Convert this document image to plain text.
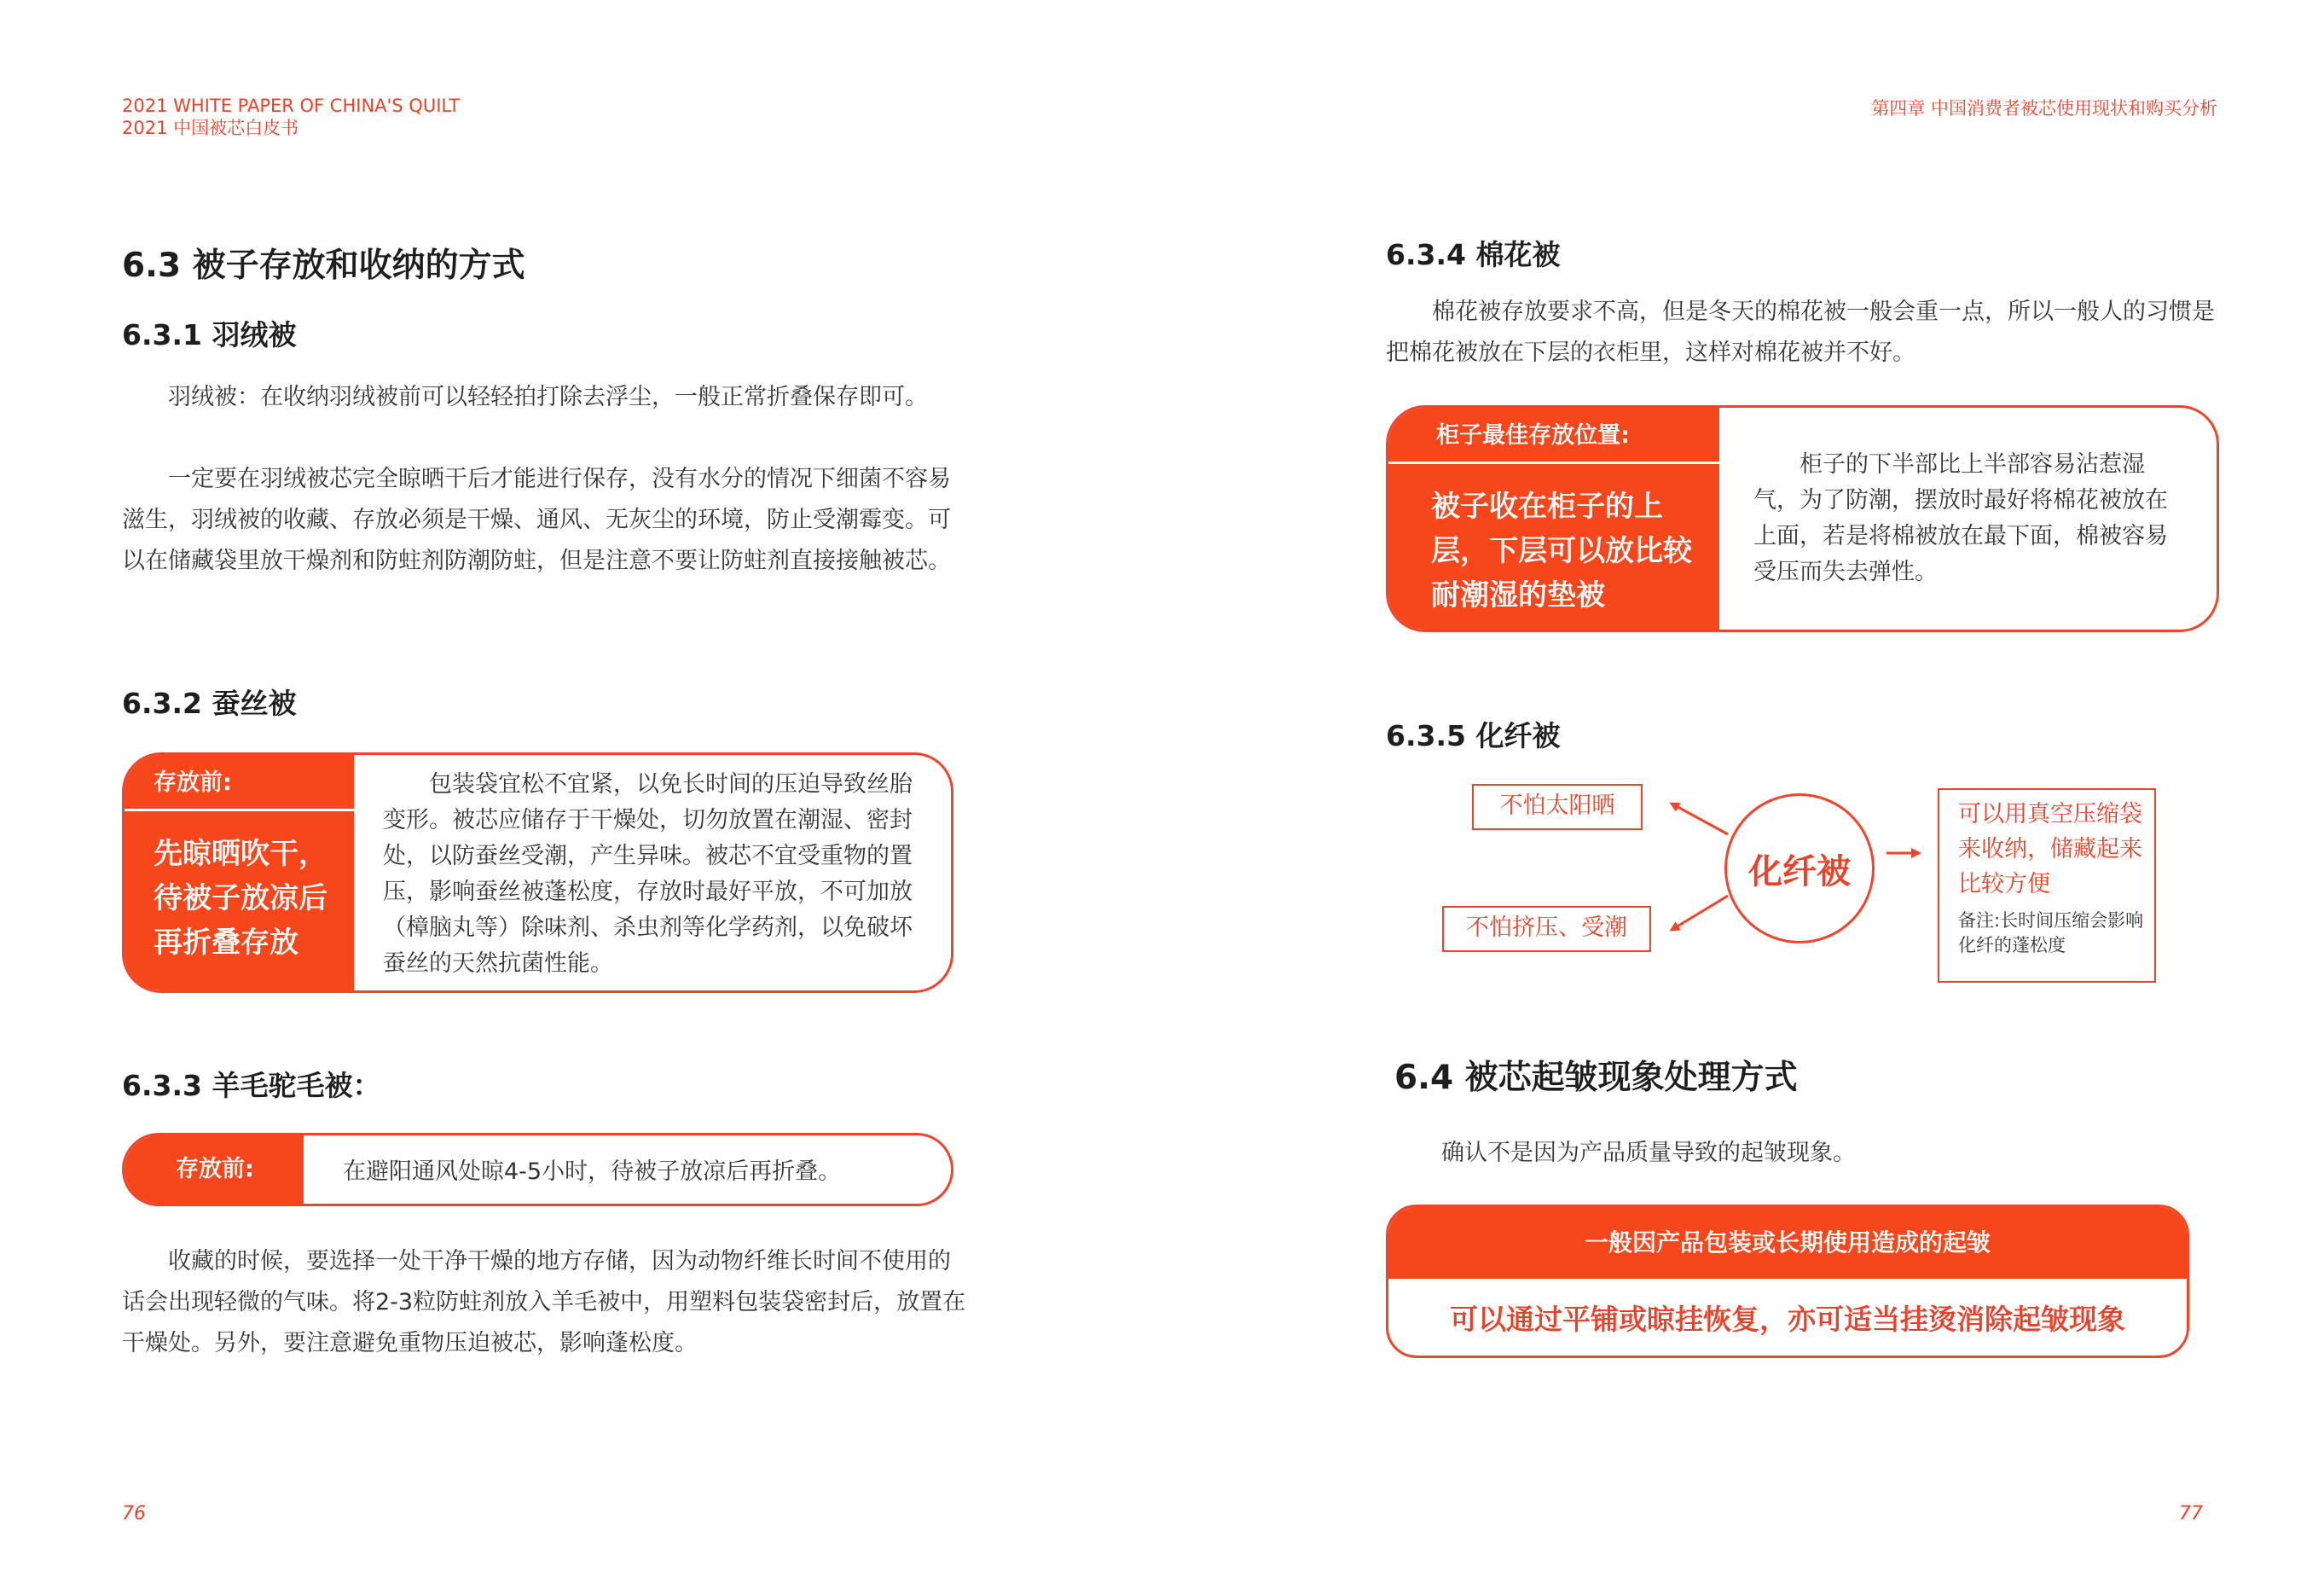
2021 WHITE PAPER OF CHINA'S QUILT
2021 中国被芯白皮书
6.3 被子存放和收纳的方式
6.3.1 羽绒被

羽绒被：在收纳羽绒被前可以轻轻拍打除去浮尘，一般正常折叠保存即可。

一定要在羽绒被芯完全晾晒干后才能进行保存，没有水分的情况下细菌不容易滋生，羽绒被的收藏、存放必须是干燥、通风、无灰尘的环境，防止受潮霉变。可以在储藏袋里放干燥剂和防蛀剂防潮防蛀，但是注意不要让防蛀剂直接接触被芯。

6.3.2 蚕丝被
存放前:
先晾晒吹干，待被子放凉后再折叠存放
包装袋宜松不宜紧，以免长时间的压迫导致丝胎变形。被芯应储存于干燥处，切勿放置在潮湿、密封处，以防蚕丝受潮，产生异味。被芯不宜受重物的置压，影响蚕丝被蓬松度，存放时最好平放，不可加放（樟脑丸等）除味剂、杀虫剂等化学药剂，以免破坏蚕丝的天然抗菌性能。
6.3.3 羊毛驼毛被：
存放前:	在避阳通风处晾4-5小时，待被子放凉后再折叠。

收藏的时候，要选择一处干净干燥的地方存储，因为动物纤维长时间不使用的话会出现轻微的气味。将2-3粒防蛀剂放入羊毛被中，用塑料包装袋密封后，放置在干燥处。另外，要注意避免重物压迫被芯，影响蓬松度。

76
第四章 中国消费者被芯使用现状和购买分析
6.3.4 棉花被

棉花被存放要求不高，但是冬天的棉花被一般会重一点，所以一般人的习惯是把棉花被放在下层的衣柜里，这样对棉花被并不好。

柜子最佳存放位置:
被子收在柜子的上层，下层可以放比较耐潮湿的垫被
柜子的下半部比上半部容易沾惹湿气，为了防潮，摆放时最好将棉花被放在上面，若是将棉被放在最下面，棉被容易受压而失去弹性。
6.3.5 化纤被
不怕太阳晒
不怕挤压、受潮
化纤被
可以用真空压缩袋来收纳，储藏起来比较方便
备注:长时间压缩会影响化纤的蓬松度
6.4 被芯起皱现象处理方式

确认不是因为产品质量导致的起皱现象。

一般因产品包装或长期使用造成的起皱
可以通过平铺或晾挂恢复，亦可适当挂烫消除起皱现象
77
